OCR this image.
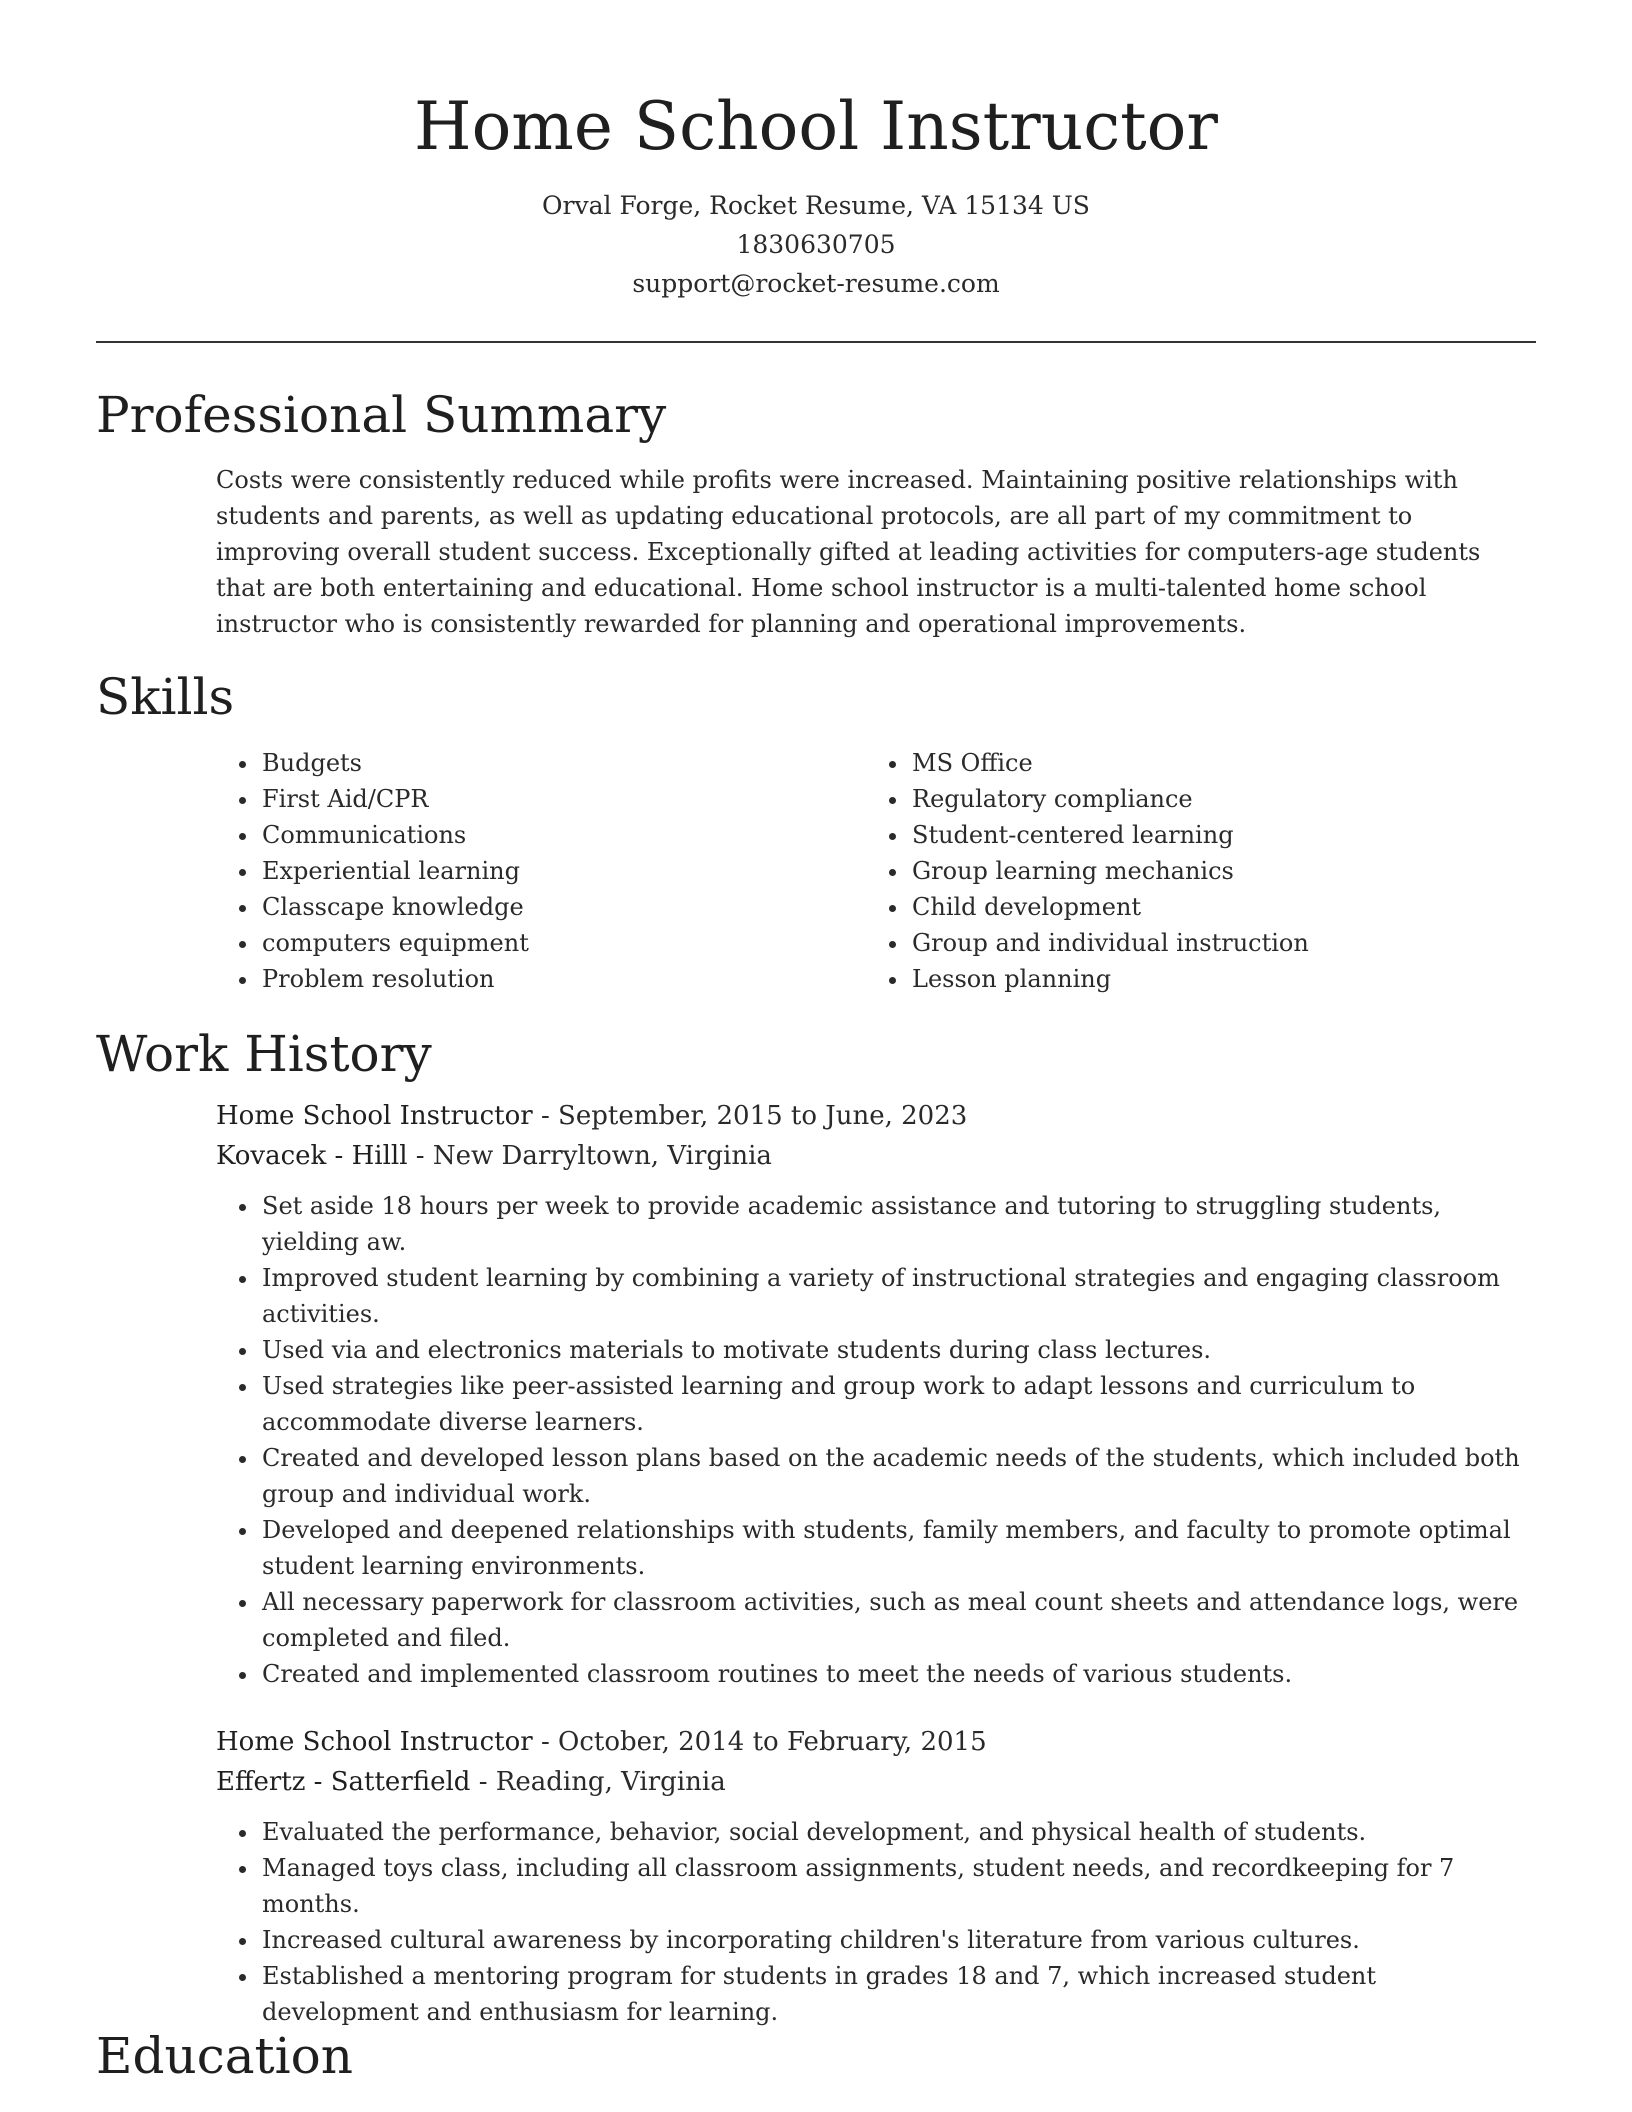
Home School Instructor
Orval Forge, Rocket Resume, VA 15134 US
1830630705
support@rocket-resume.com
Professional Summary

Costs were consistently reduced while profits were increased. Maintaining positive relationships with students and parents, as well as updating educational protocols, are all part of my commitment to improving overall student success. Exceptionally gifted at leading activities for computers-age students that are both entertaining and educational. Home school instructor is a multi-talented home school instructor who is consistently rewarded for planning and operational improvements.

Skills
• Budgets
• First Aid/CPR
• Communications
• Experiential learning
• Classcape knowledge
• computers equipment
• Problem resolution
• MS Office
• Regulatory compliance
• Student-centered learning
• Group learning mechanics
• Child development
• Group and individual instruction
• Lesson planning
Work History
Home School Instructor - September, 2015 to June, 2023
Kovacek - Hilll - New Darryltown, Virginia
• Set aside 18 hours per week to provide academic assistance and tutoring to struggling students, yielding aw.
• Improved student learning by combining a variety of instructional strategies and engaging classroom activities.
• Used via and electronics materials to motivate students during class lectures.
• Used strategies like peer-assisted learning and group work to adapt lessons and curriculum to accommodate diverse learners.
• Created and developed lesson plans based on the academic needs of the students, which included both group and individual work.
• Developed and deepened relationships with students, family members, and faculty to promote optimal student learning environments.
• All necessary paperwork for classroom activities, such as meal count sheets and attendance logs, were completed and filed.
• Created and implemented classroom routines to meet the needs of various students.
Home School Instructor - October, 2014 to February, 2015
Effertz - Satterfield - Reading, Virginia
• Evaluated the performance, behavior, social development, and physical health of students.
• Managed toys class, including all classroom assignments, student needs, and recordkeeping for 7 months.
• Increased cultural awareness by incorporating children's literature from various cultures.
• Established a mentoring program for students in grades 18 and 7, which increased student development and enthusiasm for learning.
Education
